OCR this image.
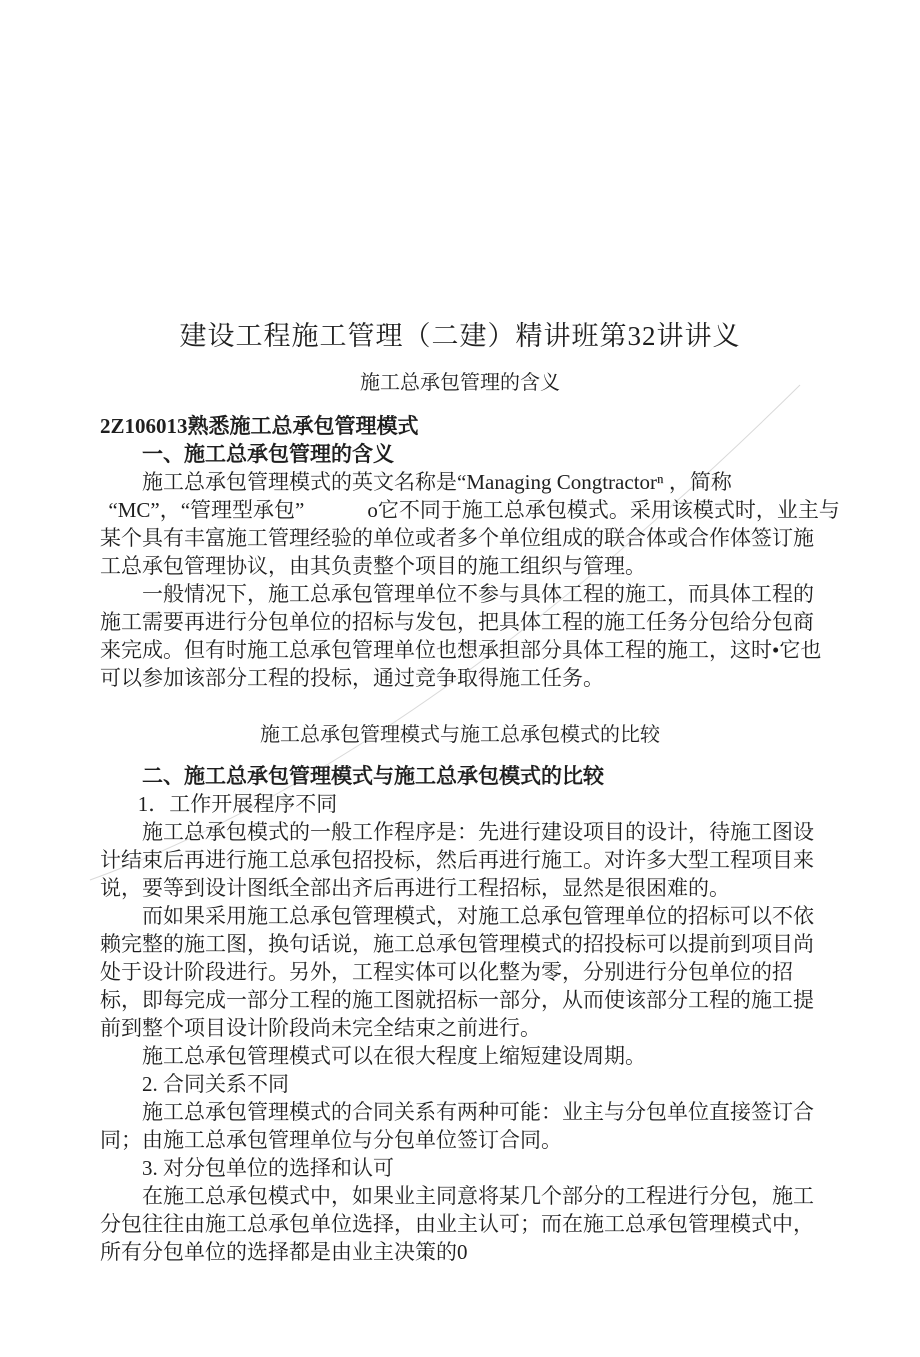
建设工程施工管理（二建）精讲班第32讲讲义
施工总承包管理的含义
2Z106013熟悉施工总承包管理模式
一、施工总承包管理的含义
施工总承包管理模式的英文名称是“Managing Congtractorⁿ ，简称
“MC”，“管理型承包”　　　o它不同于施工总承包模式。采用该模式时，业主与
某个具有丰富施工管理经验的单位或者多个单位组成的联合体或合作体签订施
工总承包管理协议，由其负责整个项目的施工组织与管理。
一般情况下，施工总承包管理单位不参与具体工程的施工，而具体工程的
施工需要再进行分包单位的招标与发包，把具体工程的施工任务分包给分包商
来完成。但有时施工总承包管理单位也想承担部分具体工程的施工，这时•它也
可以参加该部分工程的投标，通过竞争取得施工任务。
施工总承包管理模式与施工总承包模式的比较
二、施工总承包管理模式与施工总承包模式的比较
1．工作开展程序不同
施工总承包模式的一般工作程序是：先进行建设项目的设计，待施工图设
计结束后再进行施工总承包招投标，然后再进行施工。对许多大型工程项目来
说，要等到设计图纸全部出齐后再进行工程招标，显然是很困难的。
而如果采用施工总承包管理模式，对施工总承包管理单位的招标可以不依
赖完整的施工图，换句话说，施工总承包管理模式的招投标可以提前到项目尚
处于设计阶段进行。另外，工程实体可以化整为零，分别进行分包单位的招
标，即每完成一部分工程的施工图就招标一部分，从而使该部分工程的施工提
前到整个项目设计阶段尚未完全结束之前进行。
施工总承包管理模式可以在很大程度上缩短建设周期。
2. 合同关系不同
施工总承包管理模式的合同关系有两种可能：业主与分包单位直接签订合
同；由施工总承包管理单位与分包单位签订合同。
3. 对分包单位的选择和认可
在施工总承包模式中，如果业主同意将某几个部分的工程进行分包，施工
分包往往由施工总承包单位选择，由业主认可；而在施工总承包管理模式中，
所有分包单位的选择都是由业主决策的0
